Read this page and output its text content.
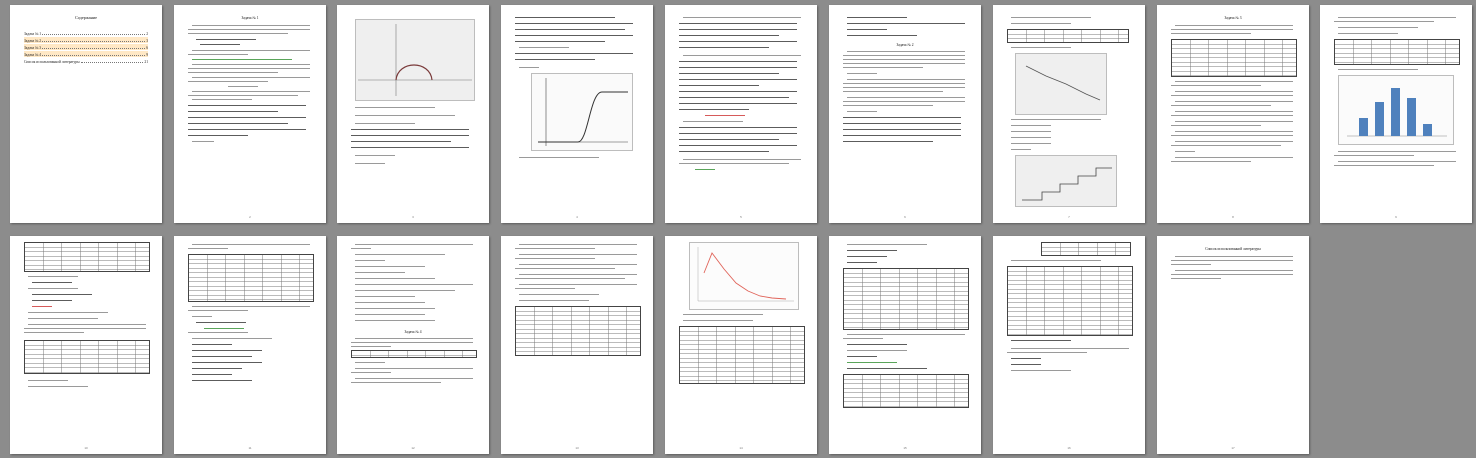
Содержание
Задача № 1	2
Задача № 2	3
Задача № 3	6
Задача № 4	9
Список использованной литературы	21
Задача № 1
2	3	4	5
Задача № 2
6	7
Задача № 3
8	9
10	11
Задача № 4
12	13	14	15	16
Список использованной литературы
17
